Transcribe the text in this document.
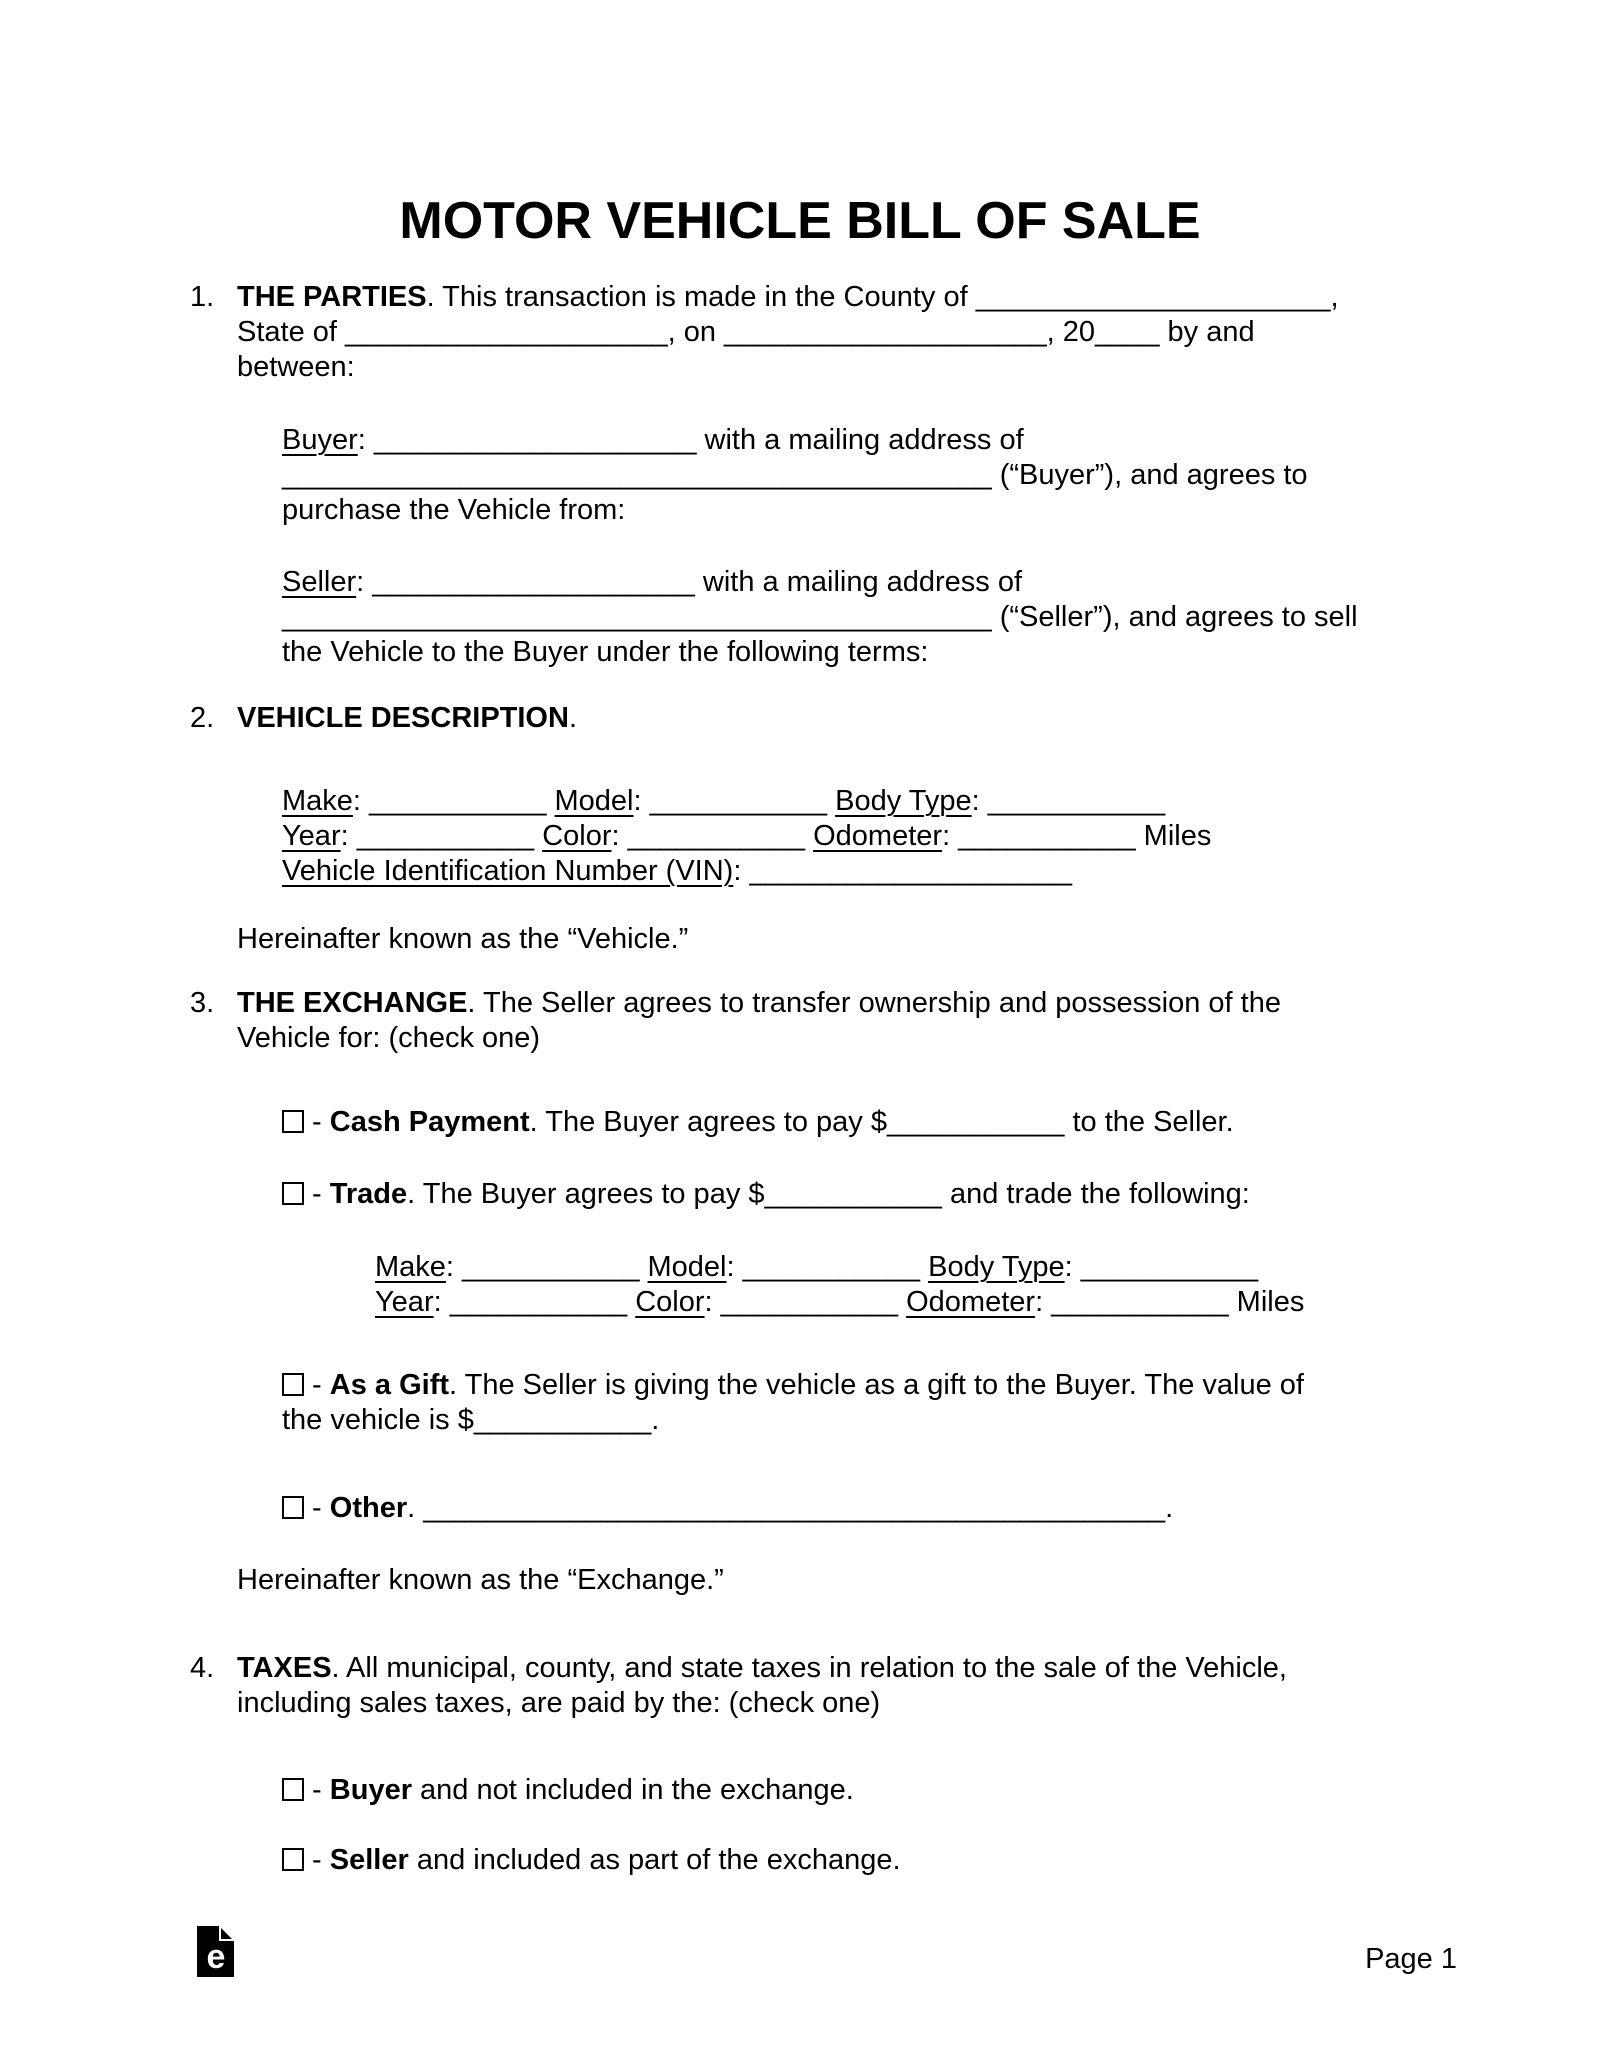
MOTOR VEHICLE BILL OF SALE
1. THE PARTIES. This transaction is made in the County of ______________________,
State of ____________________, on ____________________, 20____ by and
between:
Buyer: ____________________ with a mailing address of
____________________________________________ (“Buyer”), and agrees to
purchase the Vehicle from:
Seller: ____________________ with a mailing address of
____________________________________________ (“Seller”), and agrees to sell
the Vehicle to the Buyer under the following terms:
2. VEHICLE DESCRIPTION.
Make: ___________ Model: ___________ Body Type: ___________
Year: ___________ Color: ___________ Odometer: ___________ Miles
Vehicle Identification Number (VIN): ____________________
Hereinafter known as the “Vehicle.”
3. THE EXCHANGE. The Seller agrees to transfer ownership and possession of the
Vehicle for: (check one)
- Cash Payment. The Buyer agrees to pay $___________ to the Seller.
- Trade. The Buyer agrees to pay $___________ and trade the following:
Make: ___________ Model: ___________ Body Type: ___________
Year: ___________ Color: ___________ Odometer: ___________ Miles
- As a Gift. The Seller is giving the vehicle as a gift to the Buyer. The value of
the vehicle is $___________.
- Other. ______________________________________________.
Hereinafter known as the “Exchange.”
4. TAXES. All municipal, county, and state taxes in relation to the sale of the Vehicle,
including sales taxes, are paid by the: (check one)
- Buyer and not included in the exchange.
- Seller and included as part of the exchange.
e	Page 1
